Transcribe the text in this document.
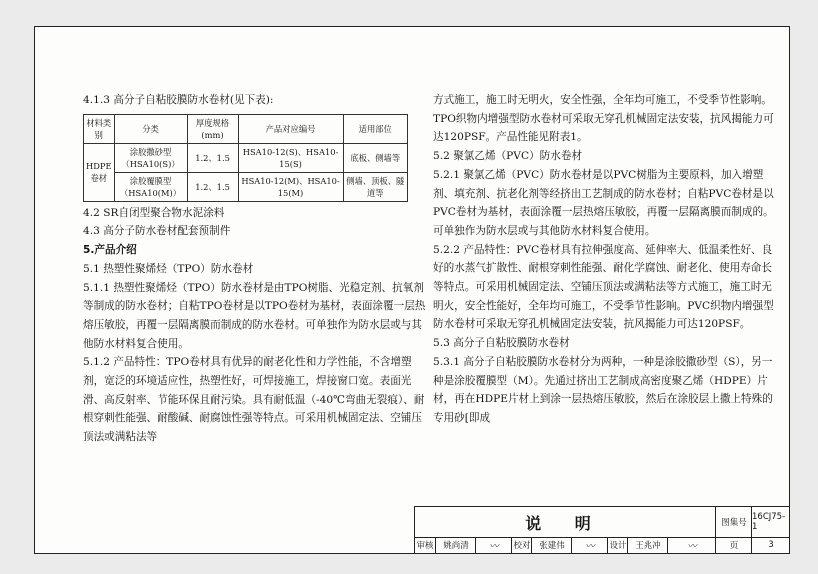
4.1.3 高分子自粘胶膜防水卷材(见下表):

材料类别	分类	厚度规格(mm)	产品对应编号	适用部位
HDPE卷材	涂胶撒砂型（HSA10(S)）	1.2、1.5	HSA10-12(S)、HSA10-15(S)	底板、侧墙等
	涂胶覆膜型（HSA10(M)）	1.2、1.5	HSA10-12(M)、HSA10-15(M)	侧墙、顶板、隧道等

4.2 SR自闭型聚合物水泥涂料

4.3 高分子防水卷材配套预制件

5.产品介绍

5.1 热塑性聚烯烃（TPO）防水卷材

5.1.1 热塑性聚烯烃（TPO）防水卷材是由TPO树脂、光稳定剂、抗氧剂等制成的防水卷材；自粘TPO卷材是以TPO卷材为基材，表面涂覆一层热熔压敏胶，再覆一层隔离膜而制成的防水卷材。可单独作为防水层或与其他防水材料复合使用。

5.1.2 产品特性：TPO卷材具有优异的耐老化性和力学性能，不含增塑剂，宽泛的环境适应性，热塑性好，可焊接施工，焊接窗口宽。表面光滑、高反射率、节能环保且耐污染。具有耐低温（-40℃弯曲无裂痕）、耐根穿刺性能强、耐酸碱、耐腐蚀性强等特点。可采用机械固定法、空铺压顶法或满粘法等

方式施工，施工时无明火，安全性强，全年均可施工，不受季节性影响。TPO织物内增强型防水卷材可采取无穿孔机械固定法安装，抗风揭能力可达120PSF。产品性能见附表1。

5.2 聚氯乙烯（PVC）防水卷材

5.2.1 聚氯乙烯（PVC）防水卷材是以PVC树脂为主要原料，加入增塑剂、填充剂、抗老化剂等经挤出工艺制成的防水卷材；自粘PVC卷材是以PVC卷材为基材，表面涂覆一层热熔压敏胶，再覆一层隔离膜而制成的。可单独作为防水层或与其他防水材料复合使用。

5.2.2 产品特性：PVC卷材具有拉伸强度高、延伸率大、低温柔性好、良好的水蒸气扩散性、耐根穿刺性能强、耐化学腐蚀、耐老化、使用寿命长等特点。可采用机械固定法、空铺压顶法或满粘法等方式施工，施工时无明火，安全性能好，全年均可施工，不受季节性影响。PVC织物内增强型防水卷材可采取无穿孔机械固定法安装，抗风揭能力可达120PSF。

5.3 高分子自粘胶膜防水卷材

5.3.1 高分子自粘胶膜防水卷材分为两种，一种是涂胶撒砂型（S），另一种是涂胶覆膜型（M）。先通过挤出工艺制成高密度聚乙烯（HDPE）片材，再在HDPE片材上到涂一层热熔压敏胶，然后在涂胶层上撒上特殊的专用砂[即成

说 明	图集号
16CJ75-1
审核	姚尚清	〰	校对	张建伟	〰	设计	王兆冲	〰	页	3
